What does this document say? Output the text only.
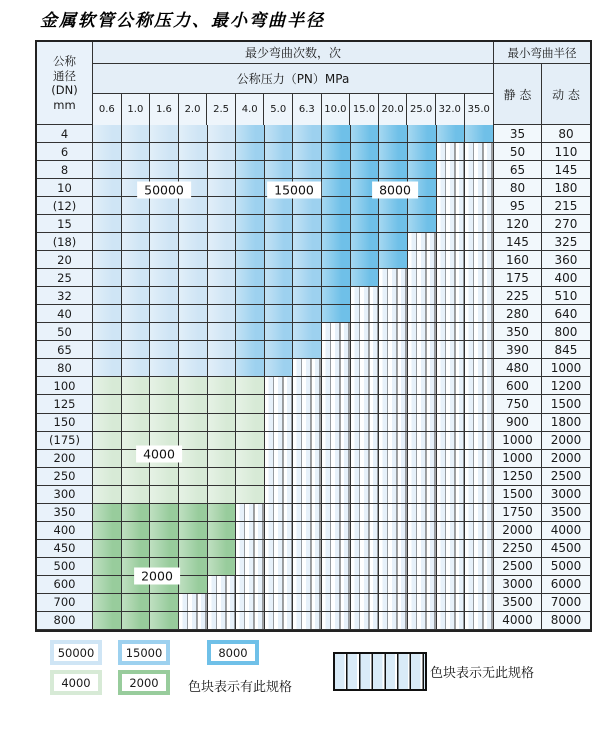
金属软管公称压力、最小弯曲半径
公称
通径
(DN)
mm
最少弯曲次数，次
公称压力（PN）MPa
0.6	1.0	1.6	2.0	2.5	4.0	5.0	6.3 10.0 15.0 20.0 25.0 32.0 35.0
最小弯曲半径
静 态	动 态
4	35	80
6	50	110
8	65	145
10	80	180
(12)	95	215
15	120	270
(18)	145	325
20	160	360
25	175	400
32	225	510
40	280	640
50	350	800
65	390	845
80	480	1000
100	600	1200
125	750	1500
150	900	1800
(175)	1000	2000
200	1000	2000
250	1250	2500
300	1500	3000
350	1750	3500
400	2000	4000
450	2250	4500
500	2500	5000
600	3000	6000
700	3500	7000
800	4000	8000
50000	15000	8000
4000
2000
色块表示有此规格
色块表示无此规格
50000	15000	8000
4000	2000
